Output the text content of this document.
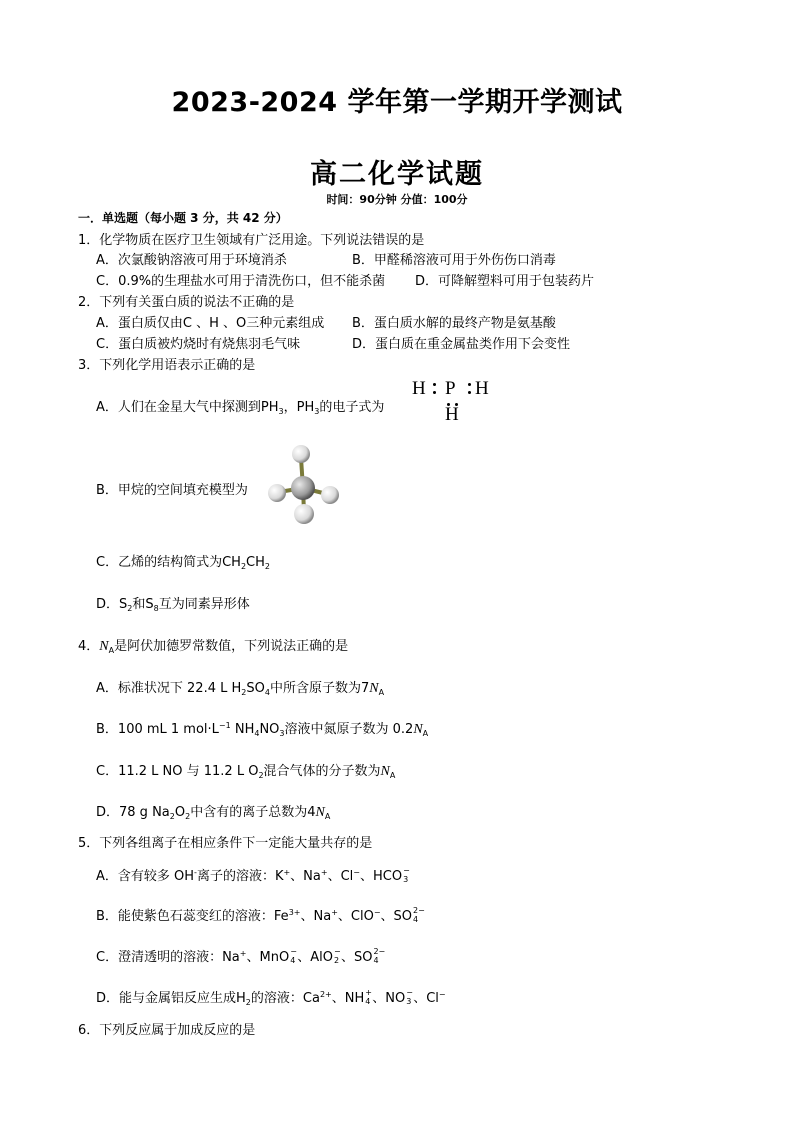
2023-2024 学年第一学期开学测试
高二化学试题
时间：90分钟 分值：100分
一．单选题（每小题 3 分，共 42 分）
1．化学物质在医疗卫生领域有广泛用途。下列说法错误的是
A．次氯酸钠溶液可用于环境消杀	B．甲醛稀溶液可用于外伤伤口消毒
C．0.9%的生理盐水可用于清洗伤口，但不能杀菌 D．可降解塑料可用于包装药片
2．下列有关蛋白质的说法不正确的是
A．蛋白质仅由C 、H 、O三种元素组成 B．蛋白质水解的最终产物是氨基酸
C．蛋白质被灼烧时有烧焦羽毛气味	D．蛋白质在重金属盐类作用下会变性
3．下列化学用语表示正确的是
A．人们在金星大气中探测到$PH_3$，$PH_3$的电子式为
H P H
H
B．甲烷的空间填充模型为
C．乙烯的结构简式为$CH_2CH_2$
D．$S_2$和$S_8$互为同素异形体
4．$N_A$是阿伏加德罗常数值，下列说法正确的是
A．标准状况下 22.4 L $H_2SO_4$中所含原子数为$7N_A$
B．100 mL 1 $mol\cdot L^{-1}$ $NH_4NO_3$溶液中氮原子数为 $0.2N_A$
C．11.2 L NO 与 11.2 L $O_2$混合气体的分子数为$N_A$
D．78 g $Na_2O_2$中含有的离子总数为$4N_A$
5．下列各组离子在相应条件下一定能大量共存的是
A．含有较多 OH-离子的溶液：K+、Na+、Cl−、HCO −
3
B．能使紫色石蕊变红的溶液：$Fe^{3+}$、Na+、ClO−、SO 2−
4
C．澄清透明的溶液：Na+、MnO −
4 、AlO −
2 、SO 2−
4
D．能与金属铝反应生成$H_2$的溶液：$Ca^{2+}$、NH +
4 、NO −
3 、Cl−
6．下列反应属于加成反应的是
